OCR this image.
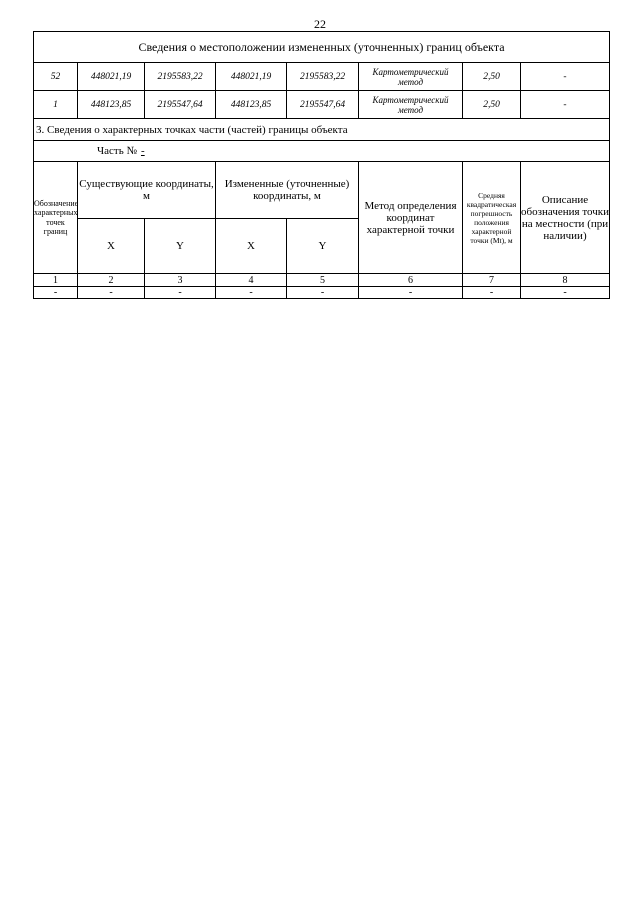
22
Сведения о местоположении измененных (уточненных) границ объекта							
52	448021,19	2195583,22	448021,19	2195583,22	Картометрический метод	2,50	-
1	448123,85	2195547,64	448123,85	2195547,64	Картометрический метод	2,50	-
3. Сведения о характерных точках части (частей) границы объекта							
Часть № -							
Обозначение характерных точек границ	Существующие координаты, м		Измененные (уточненные) координаты, м		Метод определения координат характерной точки	Средняя квадратическая погрешность положения характерной точки (Mt), м	Описание обозначения точки на местности (при наличии)
	X	Y	X	Y			
1	2	3	4	5	6	7	8
-	-	-	-	-	-	-	-
